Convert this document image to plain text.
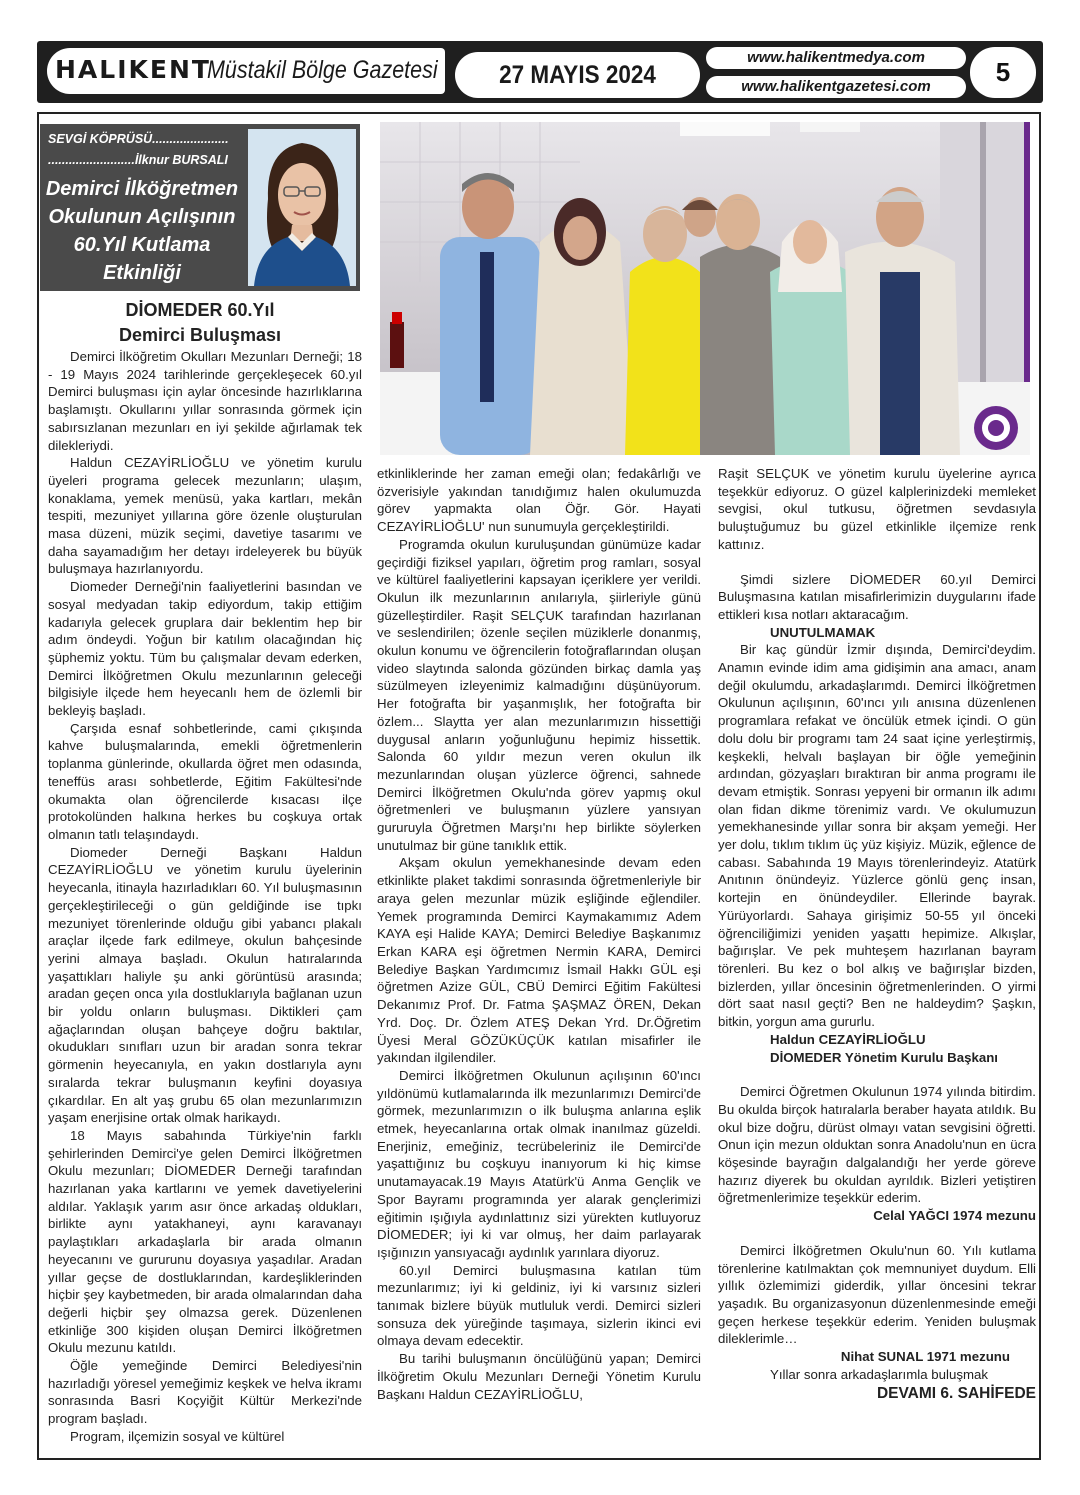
HALIKENT
Müstakil Bölge Gazetesi	27 MAYIS 2024
www.halikentmedya.com
www.halikentgazetesi.com	5
SEVGİ KÖPRÜSÜ......................
.........................İlknur BURSALI
Demirci İlköğretmen
Okulunun Açılışının
60.Yıl Kutlama
Etkinliği
DİOMEDER 60.Yıl
Demirci Buluşması

Demirci İlköğretim Okulları Mezunları Derneği; 18 - 19 Mayıs 2024 tarihlerinde gerçekleşecek 60.yıl Demirci buluşması için aylar öncesinde hazırlıklarına başlamıştı. Okullarını yıllar sonrasında görmek için sabırsızlanan mezunları en iyi şekilde ağırlamak tek dilekleriydi.

Haldun CEZAYİRLİOĞLU ve yönetim kurulu üyeleri programa gelecek mezunların; ulaşım, konaklama, yemek menüsü, yaka kartları, mekân tespiti, mezuniyet yıllarına göre özenle oluşturulan masa düzeni, müzik seçimi, davetiye tasarımı ve daha sayamadığım her detayı irdeleyerek bu büyük buluşmaya hazırlanıyordu.

Diomeder Derneği'nin faaliyetlerini basından ve sosyal medyadan takip ediyordum, takip ettiğim kadarıyla gelecek gruplara dair beklentim hep bir adım öndeydi. Yoğun bir katılım olacağından hiç şüphemiz yoktu. Tüm bu çalışmalar devam ederken, Demirci İlköğretmen Okulu mezunlarının geleceği bilgisiyle ilçede hem heyecanlı hem de özlemli bir bekleyiş başladı.

Çarşıda esnaf sohbetlerinde, cami çıkışında kahve buluşmalarında, emekli öğretmenlerin toplanma günlerinde, okullarda öğret men odasında, teneffüs arası sohbetlerde, Eğitim Fakültesi'nde okumakta olan öğrencilerde kısacası ilçe protokolünden halkına herkes bu coşkuya ortak olmanın tatlı telaşındaydı.

Diomeder Derneği Başkanı Haldun CEZAYİRLİOĞLU ve yönetim kurulu üyelerinin heyecanla, itinayla hazırladıkları 60. Yıl buluşmasının gerçekleştirileceği o gün geldiğinde ise tıpkı mezuniyet törenlerinde olduğu gibi yabancı plakalı araçlar ilçede fark edilmeye, okulun bahçesinde yerini almaya başladı. Okulun hatıralarında yaşattıkları haliyle şu anki görüntüsü arasında; aradan geçen onca yıla dostluklarıyla bağlanan uzun bir yoldu onların buluşması. Diktikleri çam ağaçlarından oluşan bahçeye doğru baktılar, okudukları sınıfları uzun bir aradan sonra tekrar görmenin heyecanıyla, en yakın dostlarıyla aynı sıralarda tekrar buluşmanın keyfini doyasıya çıkardılar. En alt yaş grubu 65 olan mezunlarımızın yaşam enerjisine ortak olmak harikaydı.

18 Mayıs sabahında Türkiye'nin farklı şehirlerinden Demirci'ye gelen Demirci İlköğretmen Okulu mezunları; DİOMEDER Derneği tarafından hazırlanan yaka kartlarını ve yemek davetiyelerini aldılar. Yaklaşık yarım asır önce arkadaş oldukları, birlikte aynı yatakhaneyi, aynı karavanayı paylaştıkları arkadaşlarla bir arada olmanın heyecanını ve gururunu doyasıya yaşadılar. Aradan yıllar geçse de dostluklarından, kardeşliklerinden hiçbir şey kaybetmeden, bir arada olmalarından daha değerli hiçbir şey olmazsa gerek. Düzenlenen etkinliğe 300 kişiden oluşan Demirci İlköğretmen Okulu mezunu katıldı.

Öğle yemeğinde Demirci Belediyesi'nin hazırladığı yöresel yemeğimiz keşkek ve helva ikramı sonrasında Basri Koçyiğit Kültür Merkezi'nde program başladı.

Program, ilçemizin sosyal ve kültürel

etkinliklerinde her zaman emeği olan; fedakârlığı ve özverisiyle yakından tanıdığımız halen okulumuzda görev yapmakta olan Öğr. Gör. Hayati CEZAYİRLİOĞLU' nun sunumuyla gerçekleştirildi.

Programda okulun kuruluşundan günümüze kadar geçirdiği fiziksel yapıları, öğretim prog ramları, sosyal ve kültürel faaliyetlerini kapsayan içeriklere yer verildi. Okulun ilk mezunlarının anılarıyla, şiirleriyle günü güzelleştirdiler. Raşit SELÇUK tarafından hazırlanan ve seslendirilen; özenle seçilen müziklerle donanmış, okulun konumu ve öğrencilerin fotoğraflarından oluşan video slaytında salonda gözünden birkaç damla yaş süzülmeyen izleyenimiz kalmadığını düşünüyorum. Her fotoğrafta bir yaşanmışlık, her fotoğrafta bir özlem... Slaytta yer alan mezunlarımızın hissettiği duygusal anların yoğunluğunu hepimiz hissettik. Salonda 60 yıldır mezun veren okulun ilk mezunlarından oluşan yüzlerce öğrenci, sahnede Demirci İlköğretmen Okulu'nda görev yapmış okul öğretmenleri ve buluşmanın yüzlere yansıyan gururuyla Öğretmen Marşı'nı hep birlikte söylerken unutulmaz bir güne tanıklık ettik.

Akşam okulun yemekhanesinde devam eden etkinlikte plaket takdimi sonrasında öğretmenleriyle bir araya gelen mezunlar müzik eşliğinde eğlendiler. Yemek programında Demirci Kaymakamımız Adem KAYA eşi Halide KAYA; Demirci Belediye Başkanımız Erkan KARA eşi öğretmen Nermin KARA, Demirci Belediye Başkan Yardımcımız İsmail Hakkı GÜL eşi öğretmen Azize GÜL, CBÜ Demirci Eğitim Fakültesi Dekanımız Prof. Dr. Fatma ŞAŞMAZ ÖREN, Dekan Yrd. Doç. Dr. Özlem ATEŞ Dekan Yrd. Dr.Öğretim Üyesi Meral GÖZÜKÜÇÜK katılan misafirler ile yakından ilgilendiler.

Demirci İlköğretmen Okulunun açılışının 60'ıncı yıldönümü kutlamalarında ilk mezunlarımızı Demirci'de görmek, mezunlarımızın o ilk buluşma anlarına eşlik etmek, heyecanlarına ortak olmak inanılmaz güzeldi. Enerjiniz, emeğiniz, tecrübeleriniz ile Demirci'de yaşattığınız bu coşkuyu inanıyorum ki hiç kimse unutamayacak.19 Mayıs Atatürk'ü Anma Gençlik ve Spor Bayramı programında yer alarak gençlerimizi eğitimin ışığıyla aydınlattınız sizi yürekten kutluyoruz DİOMEDER; iyi ki var olmuş, her daim parlayarak ışığınızın yansıyacağı aydınlık yarınlara diyoruz.

60.yıl Demirci buluşmasına katılan tüm mezunlarımız; iyi ki geldiniz, iyi ki varsınız sizleri tanımak bizlere büyük mutluluk verdi. Demirci sizleri sonsuza dek yüreğinde taşımaya, sizlerin ikinci evi olmaya devam edecektir.

Bu tarihi buluşmanın öncülüğünü yapan; Demirci İlköğretim Okulu Mezunları Derneği Yönetim Kurulu Başkanı Haldun CEZAYİRLİOĞLU,

Raşit SELÇUK ve yönetim kurulu üyelerine ayrıca teşekkür ediyoruz. O güzel kalplerinizdeki memleket sevgisi, okul tutkusu, öğretmen sevdasıyla buluştuğumuz bu güzel etkinlikle ilçemize renk kattınız.

Şimdi sizlere DİOMEDER 60.yıl Demirci Buluşmasına katılan misafirlerimizin duygularını ifade ettikleri kısa notları aktaracağım.

UNUTULMAMAK

Bir kaç gündür İzmir dışında, Demirci'deydim. Anamın evinde idim ama gidişimin ana amacı, anam değil okulumdu, arkadaşlarımdı. Demirci İlköğretmen Okulunun açılışının, 60'ıncı yılı anısına düzenlenen programlara refakat ve öncülük etmek içindi. O gün dolu dolu bir programı tam 24 saat içine yerleştirmiş, keşkekli, helvalı başlayan bir öğle yemeğinin ardından, gözyaşları bıraktıran bir anma programı ile devam etmiştik. Sonrası yepyeni bir ormanın ilk adımı olan fidan dikme törenimiz vardı. Ve okulumuzun yemekhanesinde yıllar sonra bir akşam yemeği. Her yer dolu, tıklım tıklım üç yüz kişiyiz. Müzik, eğlence de cabası. Sabahında 19 Mayıs törenlerindeyiz. Atatürk Anıtının önündeyiz. Yüzlerce gönlü genç insan, kortejin en önündeydiler. Ellerinde bayrak. Yürüyorlardı. Sahaya girişimiz 50-55 yıl önceki öğrenciliğimizi yeniden yaşattı hepimize. Alkışlar, bağırışlar. Ve pek muhteşem hazırlanan bayram törenleri. Bu kez o bol alkış ve bağırışlar bizden, bizlerden, yıllar öncesinin öğretmenlerinden. O yirmi dört saat nasıl geçti? Ben ne haldeydim? Şaşkın, bitkin, yorgun ama gururlu.

Haldun CEZAYİRLİOĞLU

DİOMEDER Yönetim Kurulu Başkanı

Demirci Öğretmen Okulunun 1974 yılında bitirdim. Bu okulda birçok hatıralarla beraber hayata atıldık. Bu okul bize doğru, dürüst olmayı vatan sevgisini öğretti. Onun için mezun olduktan sonra Anadolu'nun en ücra köşesinde bayrağın dalgalandığı her yerde göreve hazırız diyerek bu okuldan ayrıldık. Bizleri yetiştiren öğretmenlerimize teşekkür ederim.

Celal YAĞCI 1974 mezunu

Demirci İlköğretmen Okulu'nun 60. Yılı kutlama törenlerine katılmaktan çok memnuniyet duydum. Elli yıllık özlemimizi giderdik, yıllar öncesini tekrar yaşadık. Bu organizasyonun düzenlenmesinde emeği geçen herkese teşekkür ederim. Yeniden buluşmak dileklerimle…

Nihat SUNAL 1971 mezunu

Yıllar sonra arkadaşlarımla buluşmak

DEVAMI 6. SAHİFEDE
